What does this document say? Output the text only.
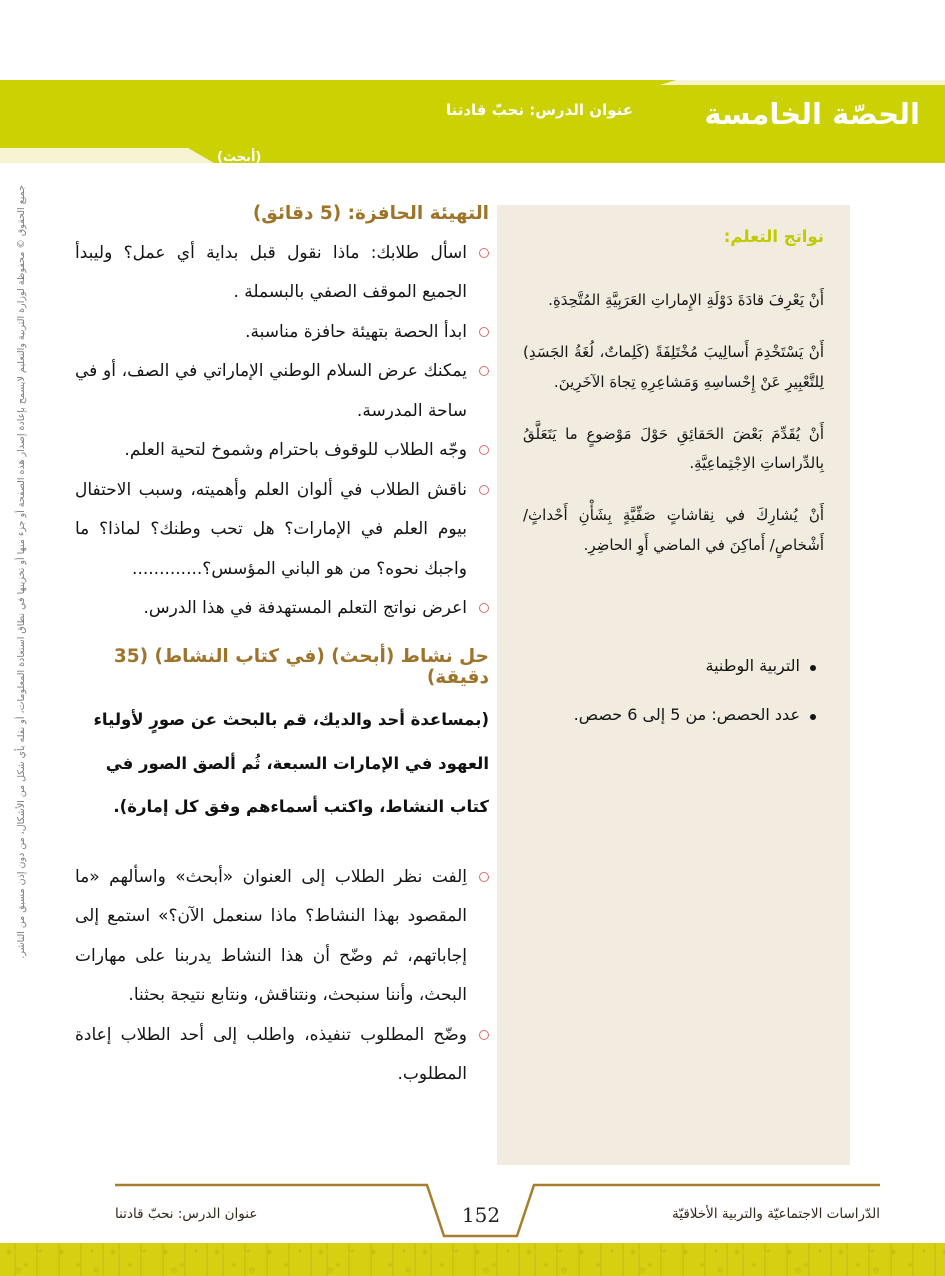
الحصّة الخامسة
عنوان الدرس: نحبّ قادتنا
(أبحث)
جميع الحقوق © محفوظة لوزارة التربية والتعليم لايسمح بإعادة إصدار هذه الصفحة أو جزء منها أو تخزينها في نطاق استعادة المعلومات، أو نقله بأي شكل من الأشكال، من دون إذن مسبق من الناشر.	نواتج التعلم:

أَنْ يَعْرِفَ قادَةَ دَوْلَةِ الإِماراتِ العَرَبِيَّةِ المُتَّحِدَةِ.

أَنْ يَسْتَخْدِمَ أَسالِيبَ مُخْتَلِفَةً (كَلِماتٌ، لُغَةُ الجَسَدِ) لِلتَّعْبِيرِ عَنْ إِحْساسِهِ وَمَشاعِرِهِ تِجاهَ الآخَرِينَ.

أَنْ يُقَدِّمَ بَعْضَ الحَقائِقِ حَوْلَ مَوْضوعٍ ما يَتَعَلَّقُ بِالدِّراساتِ الاِجْتِماعِيَّةِ.

أَنْ يُشارِكَ في نِقاشاتٍ صَفِّيَّةٍ بِشَأْنِ أَحْداثٍ/ أَشْخاصٍ/ أَماكِنَ في الماضي أَوِ الحاضِرِ.

التربية الوطنية
عدد الحصص: من 5 إلى 6 حصص.
التهيئة الحافزة: (5 دقائق)
اسأل طلابك: ماذا نقول قبل بداية أي عمل؟ وليبدأ الجميع الموقف الصفي بالبسملة .
ابدأ الحصة بتهيئة حافزة مناسبة.
يمكنك عرض السلام الوطني الإماراتي في الصف، أو في ساحة المدرسة.
وجّه الطلاب للوقوف باحترام وشموخ لتحية العلم.
ناقش الطلاب في ألوان العلم وأهميته، وسبب الاحتفال بيوم العلم في الإمارات؟ هل تحب وطنك؟ لماذا؟ ما واجبك نحوه؟ من هو الباني المؤسس؟.............
اعرض نواتج التعلم المستهدفة في هذا الدرس.
حل نشاط (أبحث) (في كتاب النشاط) (35 دقيقة)
(بمساعدة أحد والديك، قم بالبحث عن صورٍ لأولياء العهود في الإمارات السبعة، ثُم ألصق الصور في كتاب النشاط، واكتب أسماءهم وفق كل إمارة).
اِلفت نظر الطلاب إلى العنوان «أبحث» واسألهم «ما المقصود بهذا النشاط؟ ماذا سنعمل الآن؟» استمع إلى إجاباتهم، ثم وضّح أن هذا النشاط يدربنا على مهارات البحث، وأننا سنبحث، ونتناقش، ونتابع نتيجة بحثنا.
وضّح المطلوب تنفيذه، واطلب إلى أحد الطلاب إعادة المطلوب.
152	الدّراسات الاجتماعيّة والتربية الأخلاقيّة
عنوان الدرس: نحبّ قادتنا
